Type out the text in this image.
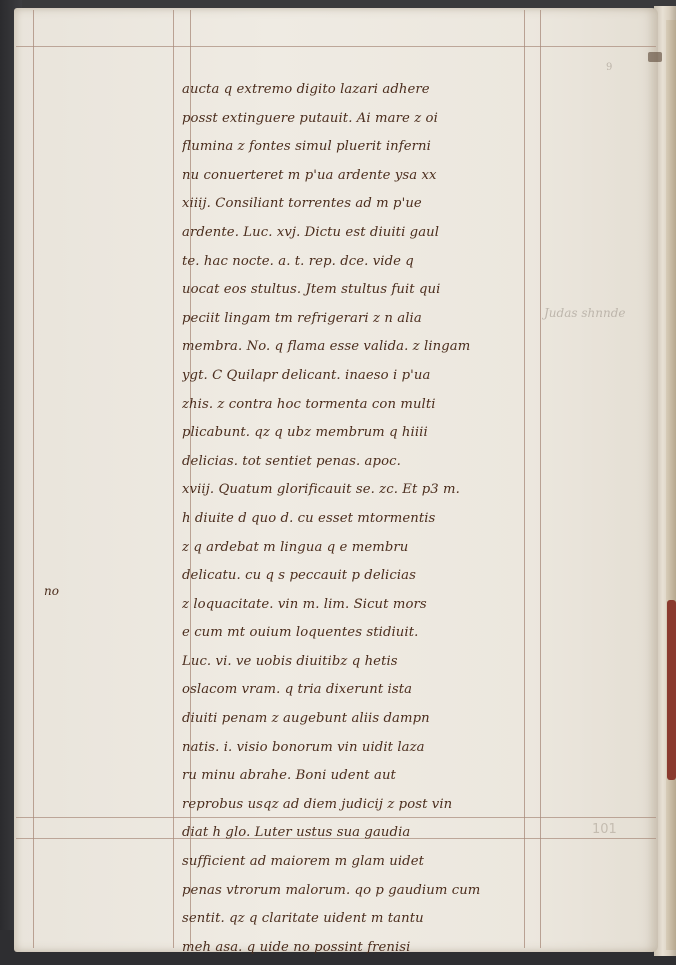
9
aucta q extremo digito lazari adhere
posst extinguere putauit. Ai mare z oi
flumina z fontes simul pluerit inferni
nu conuerteret m p'ua ardente ysa xx
xiiij. Consiliant torrentes ad m p'ue
ardente. Luc. xvj. Dictu est diuiti gaul
te. hac nocte. a. t. rep. dce. vide q
uocat eos stultus. Jtem stultus fuit qui
peciit lingam tm refrigerari z n alia
membra. No. q flama esse valida. z lingam
ygt. C Quilapr delicant. inaeso i p'ua
zhis. z contra hoc tormenta con multi
plicabunt. qz q ubz membrum q hiiii
delicias. tot sentiet penas. apoc.
xviij. Quatum glorificauit se. zc. Et p3 m.
h diuite d quo d. cu esset mtormentis
z q ardebat m lingua q e membru
delicatu. cu q s peccauit p delicias
z loquacitate. vin m. lim. Sicut mors
e cum mt ouium loquentes stidiuit.
Luc. vi. ve uobis diuitibz q hetis
oslacom vram. q tria dixerunt ista
diuiti penam z augebunt aliis dampn
natis. i. visio bonorum vin uidit laza
ru minu abrahe. Boni udent aut
reprobus usqz ad diem judicij z post vin
diat h glo. Luter ustus sua gaudia
sufficient ad maiorem m glam uidet
penas vtrorum malorum. qo p gaudium cum
sentit. qz q claritate uident m tantu
meh asa. q uide no possint frenisi
no
Judas shnnde
101
